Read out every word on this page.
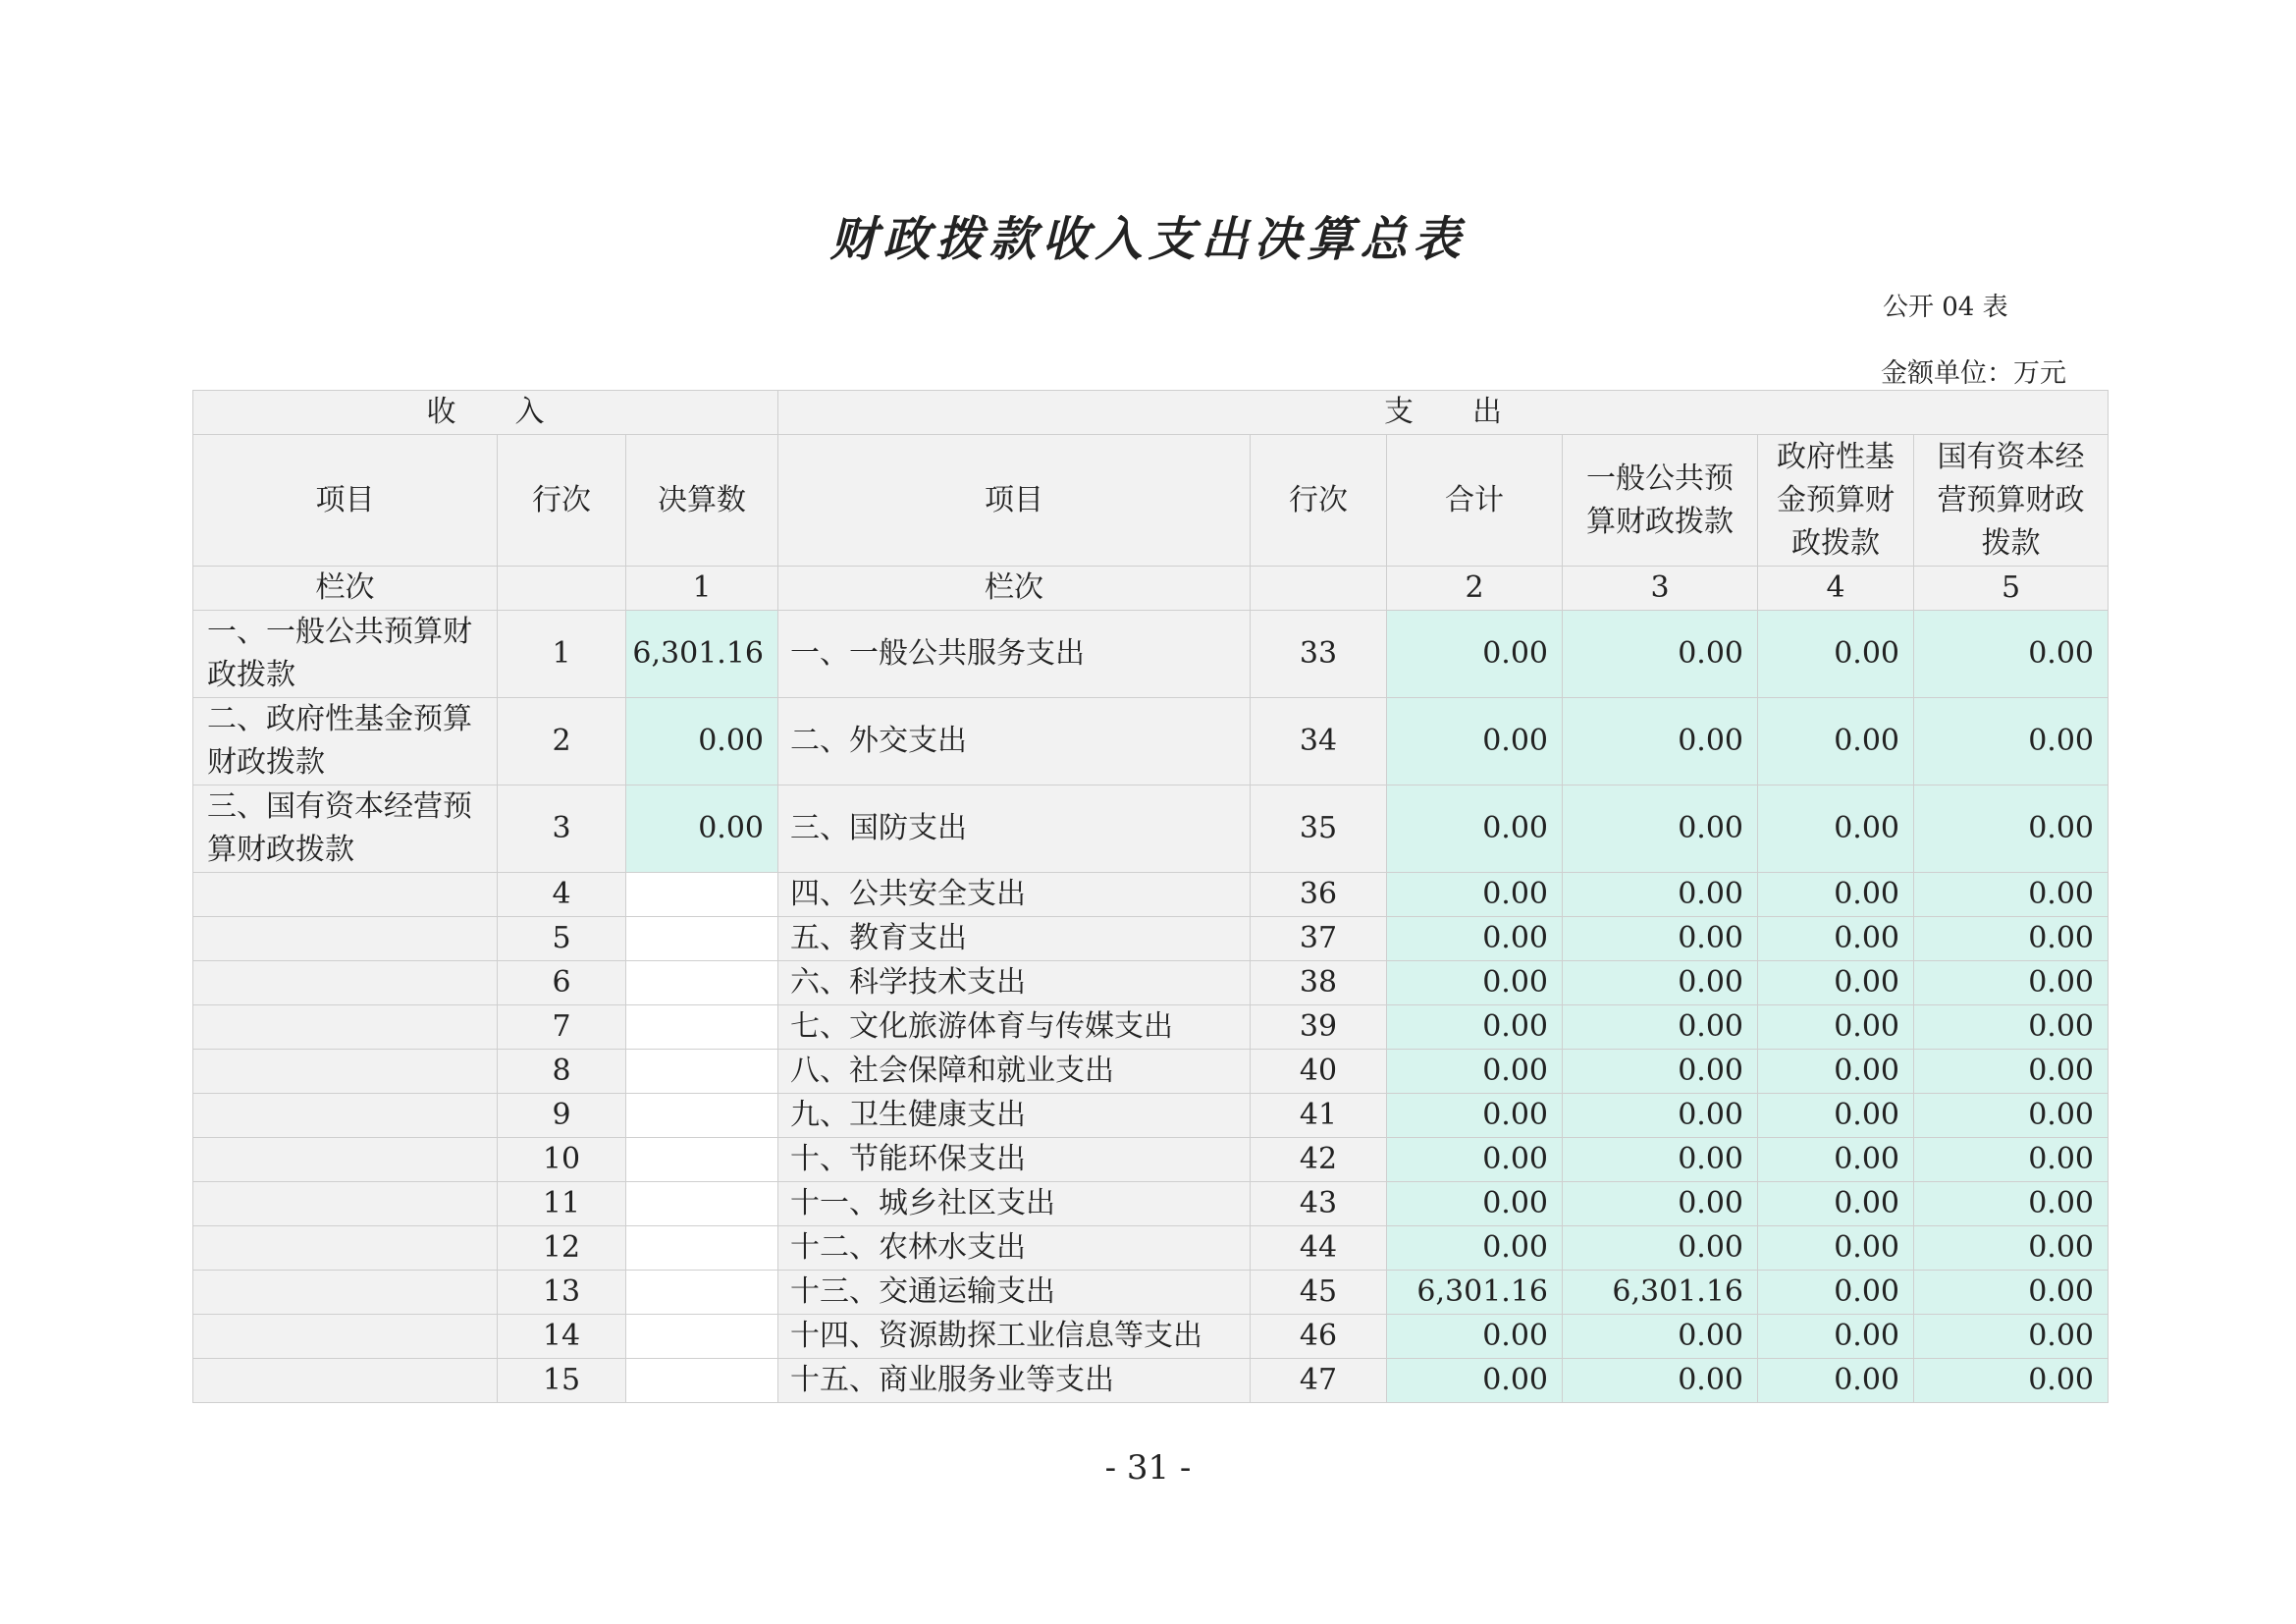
财政拨款收入支出决算总表
公开 04 表
金额单位：万元
收　　入			支　　出					
项目	行次	决算数	项目	行次	合计	一般公共预算财政拨款	政府性基金预算财政拨款	国有资本经营预算财政拨款
栏次		1	栏次		2	3	4	5
一、一般公共预算财政拨款	1	6,301.16	一、一般公共服务支出	33	0.00	0.00	0.00	0.00
二、政府性基金预算财政拨款	2	0.00	二、外交支出	34	0.00	0.00	0.00	0.00
三、国有资本经营预算财政拨款	3	0.00	三、国防支出	35	0.00	0.00	0.00	0.00
	4		四、公共安全支出	36	0.00	0.00	0.00	0.00
	5		五、教育支出	37	0.00	0.00	0.00	0.00
	6		六、科学技术支出	38	0.00	0.00	0.00	0.00
	7		七、文化旅游体育与传媒支出	39	0.00	0.00	0.00	0.00
	8		八、社会保障和就业支出	40	0.00	0.00	0.00	0.00
	9		九、卫生健康支出	41	0.00	0.00	0.00	0.00
	10		十、节能环保支出	42	0.00	0.00	0.00	0.00
	11		十一、城乡社区支出	43	0.00	0.00	0.00	0.00
	12		十二、农林水支出	44	0.00	0.00	0.00	0.00
	13		十三、交通运输支出	45	6,301.16	6,301.16	0.00	0.00
	14		十四、资源勘探工业信息等支出	46	0.00	0.00	0.00	0.00
	15		十五、商业服务业等支出	47	0.00	0.00	0.00	0.00
- 31 -
